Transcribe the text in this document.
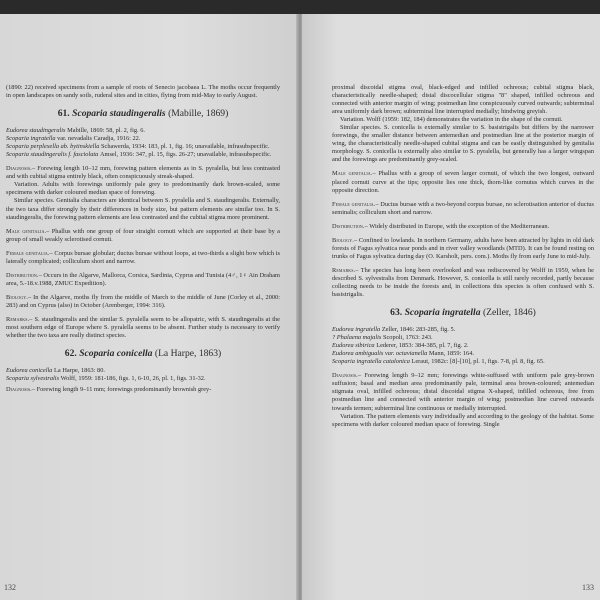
(1890: 22) received specimens from a sample of roots of Senecio jacobaea L. The moths occur frequently in open landscapes on sandy soils, ruderal sites and in cities, flying from mid-May to early August.

61. Scoparia staudingeralis (Mabille, 1869)
Eudorea staudingeralis Mabille, 1869: 58, pl. 2, fig. 6.
Scoparia ingratella var. nevadalis Caradja, 1916: 22.
Scoparia perplexella ab. bytinskiella Schawerda, 1934: 183, pl. 1, fig. 16; unavailable, infrasubspecific.
Scoparia staudingeralis f. fasciolata Amsel, 1936: 347, pl. 15, figs. 26-27; unavailable, infrasubspecific.

Diagnosis.– Forewing length 10–12 mm, forewing pattern elements as in S. pyralella, but less contrasted and with cubital stigma entirely black, often conspicuously streak-shaped.

Variation. Adults with forewings uniformly pale grey to predominantly dark brown-scaled, some specimens with darker coloured median space of forewing.

Similar species. Genitalia characters are identical between S. pyralella and S. staudingeralis. Externally, the two taxa differ strongly by their differences in body size, but pattern elements are similar too. In S. staudingeralis, the forewing pattern elements are less contrasted and the cubital stigma more prominent.

Male genitalia.– Phallus with one group of four straight cornuti which are supported at their base by a group of small weakly sclerotised cornuti.

Female genitalia.– Corpus bursae globular; ductus bursae without loops, at two-thirds a slight bow which is laterally complicated; colliculum short and narrow.

Distribution.– Occurs in the Algarve, Mallorca, Corsica, Sardinia, Cyprus and Tunisia (4♂, 1♀ Ain Draham area, 5.-18.v.1988, ZMUC Expedition).

Biology.– In the Algarve, moths fly from the middle of March to the middle of June (Corley et al., 2000: 283) and on Cyprus (also) in October (Arenberger, 1994: 316).

Remarks.– S. staudingeralis and the similar S. pyralella seem to be allopatric, with S. staudingeralis at the most southern edge of Europe where S. pyralella seems to be absent. Further study is necessary to verify whether the two taxa are really distinct species.

62. Scoparia conicella (La Harpe, 1863)
Eudorea conicella La Harpe, 1863: 80.
Scoparia sylvestralis Wolff, 1959: 181-186, figs. 1, 6-10, 26, pl. 1, figs. 31-32.

Diagnosis.– Forewing length 9–11 mm; forewings predominantly brownish grey-

132

proximal discoidal stigma oval, black-edged and infilled ochreous; cubital stigma black, characteristically needle-shaped; distal discocellular stigma "8" shaped, infilled ochreous and connected with anterior margin of wing; postmedian line conspicuously curved outwards; subterminal area uniformly dark brown; subterminal line interrupted medially; hindwing greyish.

Variation. Wolff (1959: 182, 184) demonstrates the variation in the shape of the cornuti.

Similar species. S. conicella is externally similar to S. basistrigalis but differs by the narrower forewings, the smaller distance between antemedian and postmedian line at the posterior margin of wing, the characteristically needle-shaped cubital stigma and can be easily distinguished by genitalia morphology. S. conicella is externally also similar to S. pyralella, but generally has a larger wingspan and the forewings are predominantly grey-scaled.

Male genitalia.– Phallus with a group of seven larger cornuti, of which the two longest, outward placed cornuti curve at the tips; opposite lies one thick, thorn-like cornutus which curves in the opposite direction.

Female genitalia.– Ductus bursae with a two-beyond corpus bursae, no sclerotisation anterior of ductus seminalis; colliculum short and narrow.

Distribution.– Widely distributed in Europe, with the exception of the Mediterranean.

Biology.– Confined to lowlands. In northern Germany, adults have been attracted by lights in old dark forests of Fagus sylvatica near ponds and in river valley woodlands (MTD). It can be found resting on trunks of Fagus sylvatica during day (O. Karsholt, pers. com.). Moths fly from early June to mid-July.

Remarks.– The species has long been overlooked and was rediscovered by Wolff in 1959, when he described S. sylvestralis from Denmark. However, S. conicella is still rarely recorded, partly because collecting needs to be inside the forests and, in collections this species is often confused with S. basistrigalis.

63. Scoparia ingratella (Zeller, 1846)
Eudorea ingratella Zeller, 1846: 283-285, fig. 5.
? Phalaena majalis Scopoli, 1763: 243.
Eudorea sibirica Lederer, 1853: 384-385, pl. 7, fig. 2.
Eudorea ambigualis var. octavianella Mann, 1859: 164.
Scoparia ingratella catalonica Leraut, 1982c: [8]-[10], pl. 1, figs. 7-8, pl. 8, fig. 65.

Diagnosis.– Forewing length 9–12 mm; forewings white-suffused with uniform pale grey-brown suffusion; basal and median area predominantly pale, terminal area brown-coloured; antemedian stigmata oval, infilled ochreous; distal discoidal stigma X-shaped, infilled ochreous, free from postmedian line and connected with anterior margin of wing; postmedian line curved outwards towards termen; subterminal line continuous or medially interrupted.

Variation. The pattern elements vary individually and according to the geology of the habitat. Some specimens with darker coloured median space of forewing. Single

133
